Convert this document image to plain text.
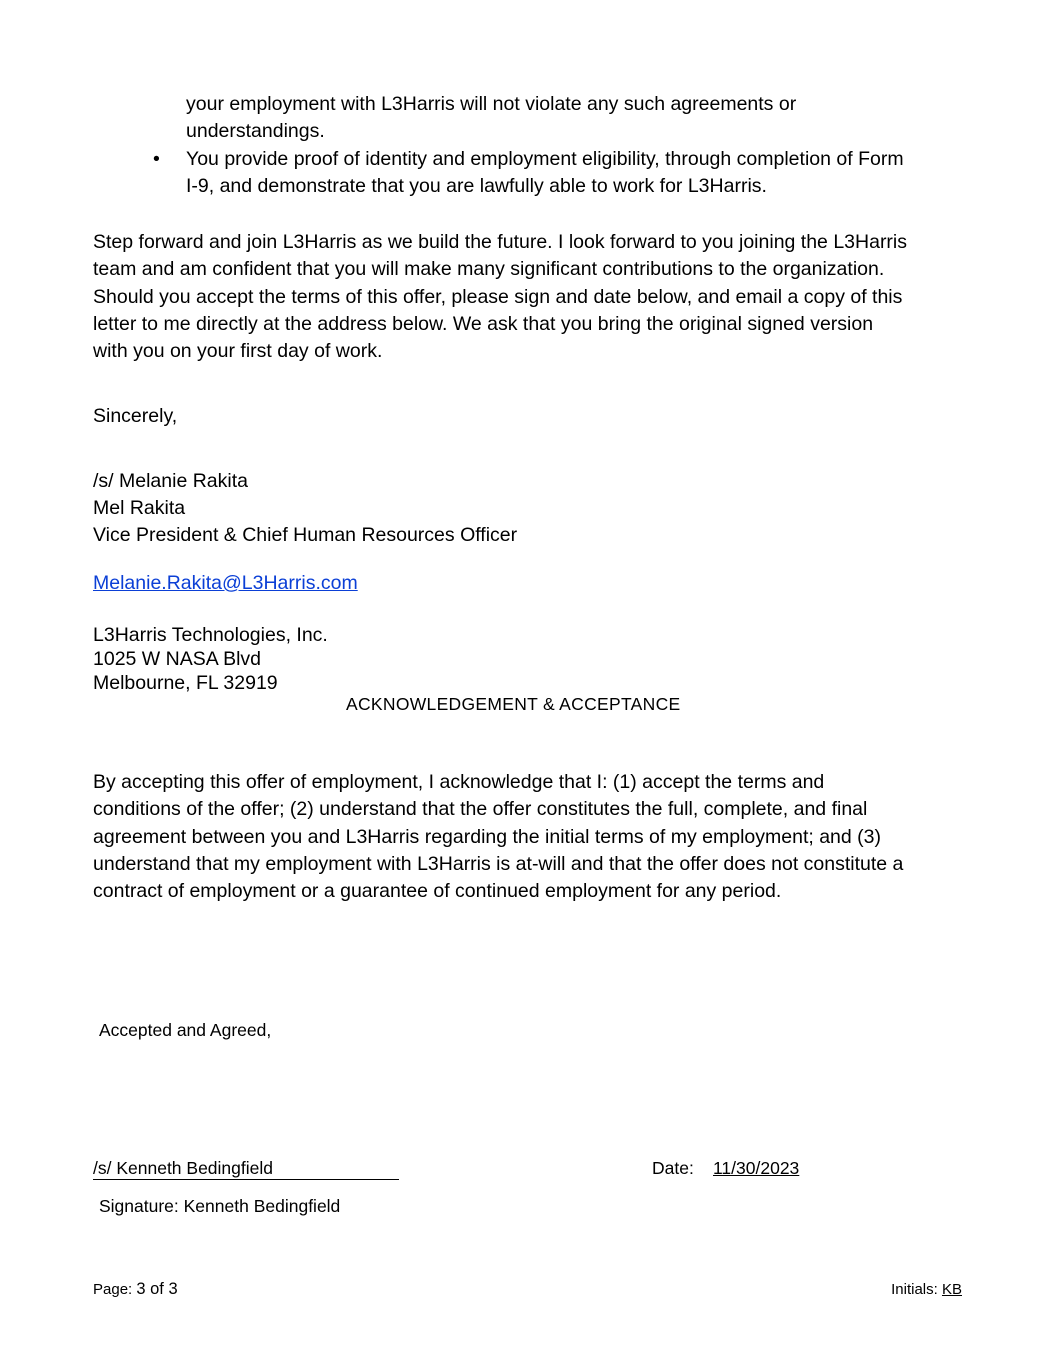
your employment with L3Harris will not violate any such agreements or
understandings.
• You provide proof of identity and employment eligibility, through completion of Form
I-9, and demonstrate that you are lawfully able to work for L3Harris.
Step forward and join L3Harris as we build the future. I look forward to you joining the L3Harris
team and am confident that you will make many significant contributions to the organization.
Should you accept the terms of this offer, please sign and date below, and email a copy of this
letter to me directly at the address below. We ask that you bring the original signed version
with you on your first day of work.
Sincerely,
/s/ Melanie Rakita
Mel Rakita
Vice President & Chief Human Resources Officer
Melanie.Rakita@L3Harris.com
L3Harris Technologies, Inc.
1025 W NASA Blvd
Melbourne, FL 32919
ACKNOWLEDGEMENT & ACCEPTANCE
By accepting this offer of employment, I acknowledge that I: (1) accept the terms and
conditions of the offer; (2) understand that the offer constitutes the full, complete, and final
agreement between you and L3Harris regarding the initial terms of my employment; and (3)
understand that my employment with L3Harris is at-will and that the offer does not constitute a
contract of employment or a guarantee of continued employment for any period.
Accepted and Agreed,
/s/ Kenneth Bedingfield	Date: 11/30/2023
Signature: Kenneth Bedingfield
Page: 3 of 3	Initials: KB
